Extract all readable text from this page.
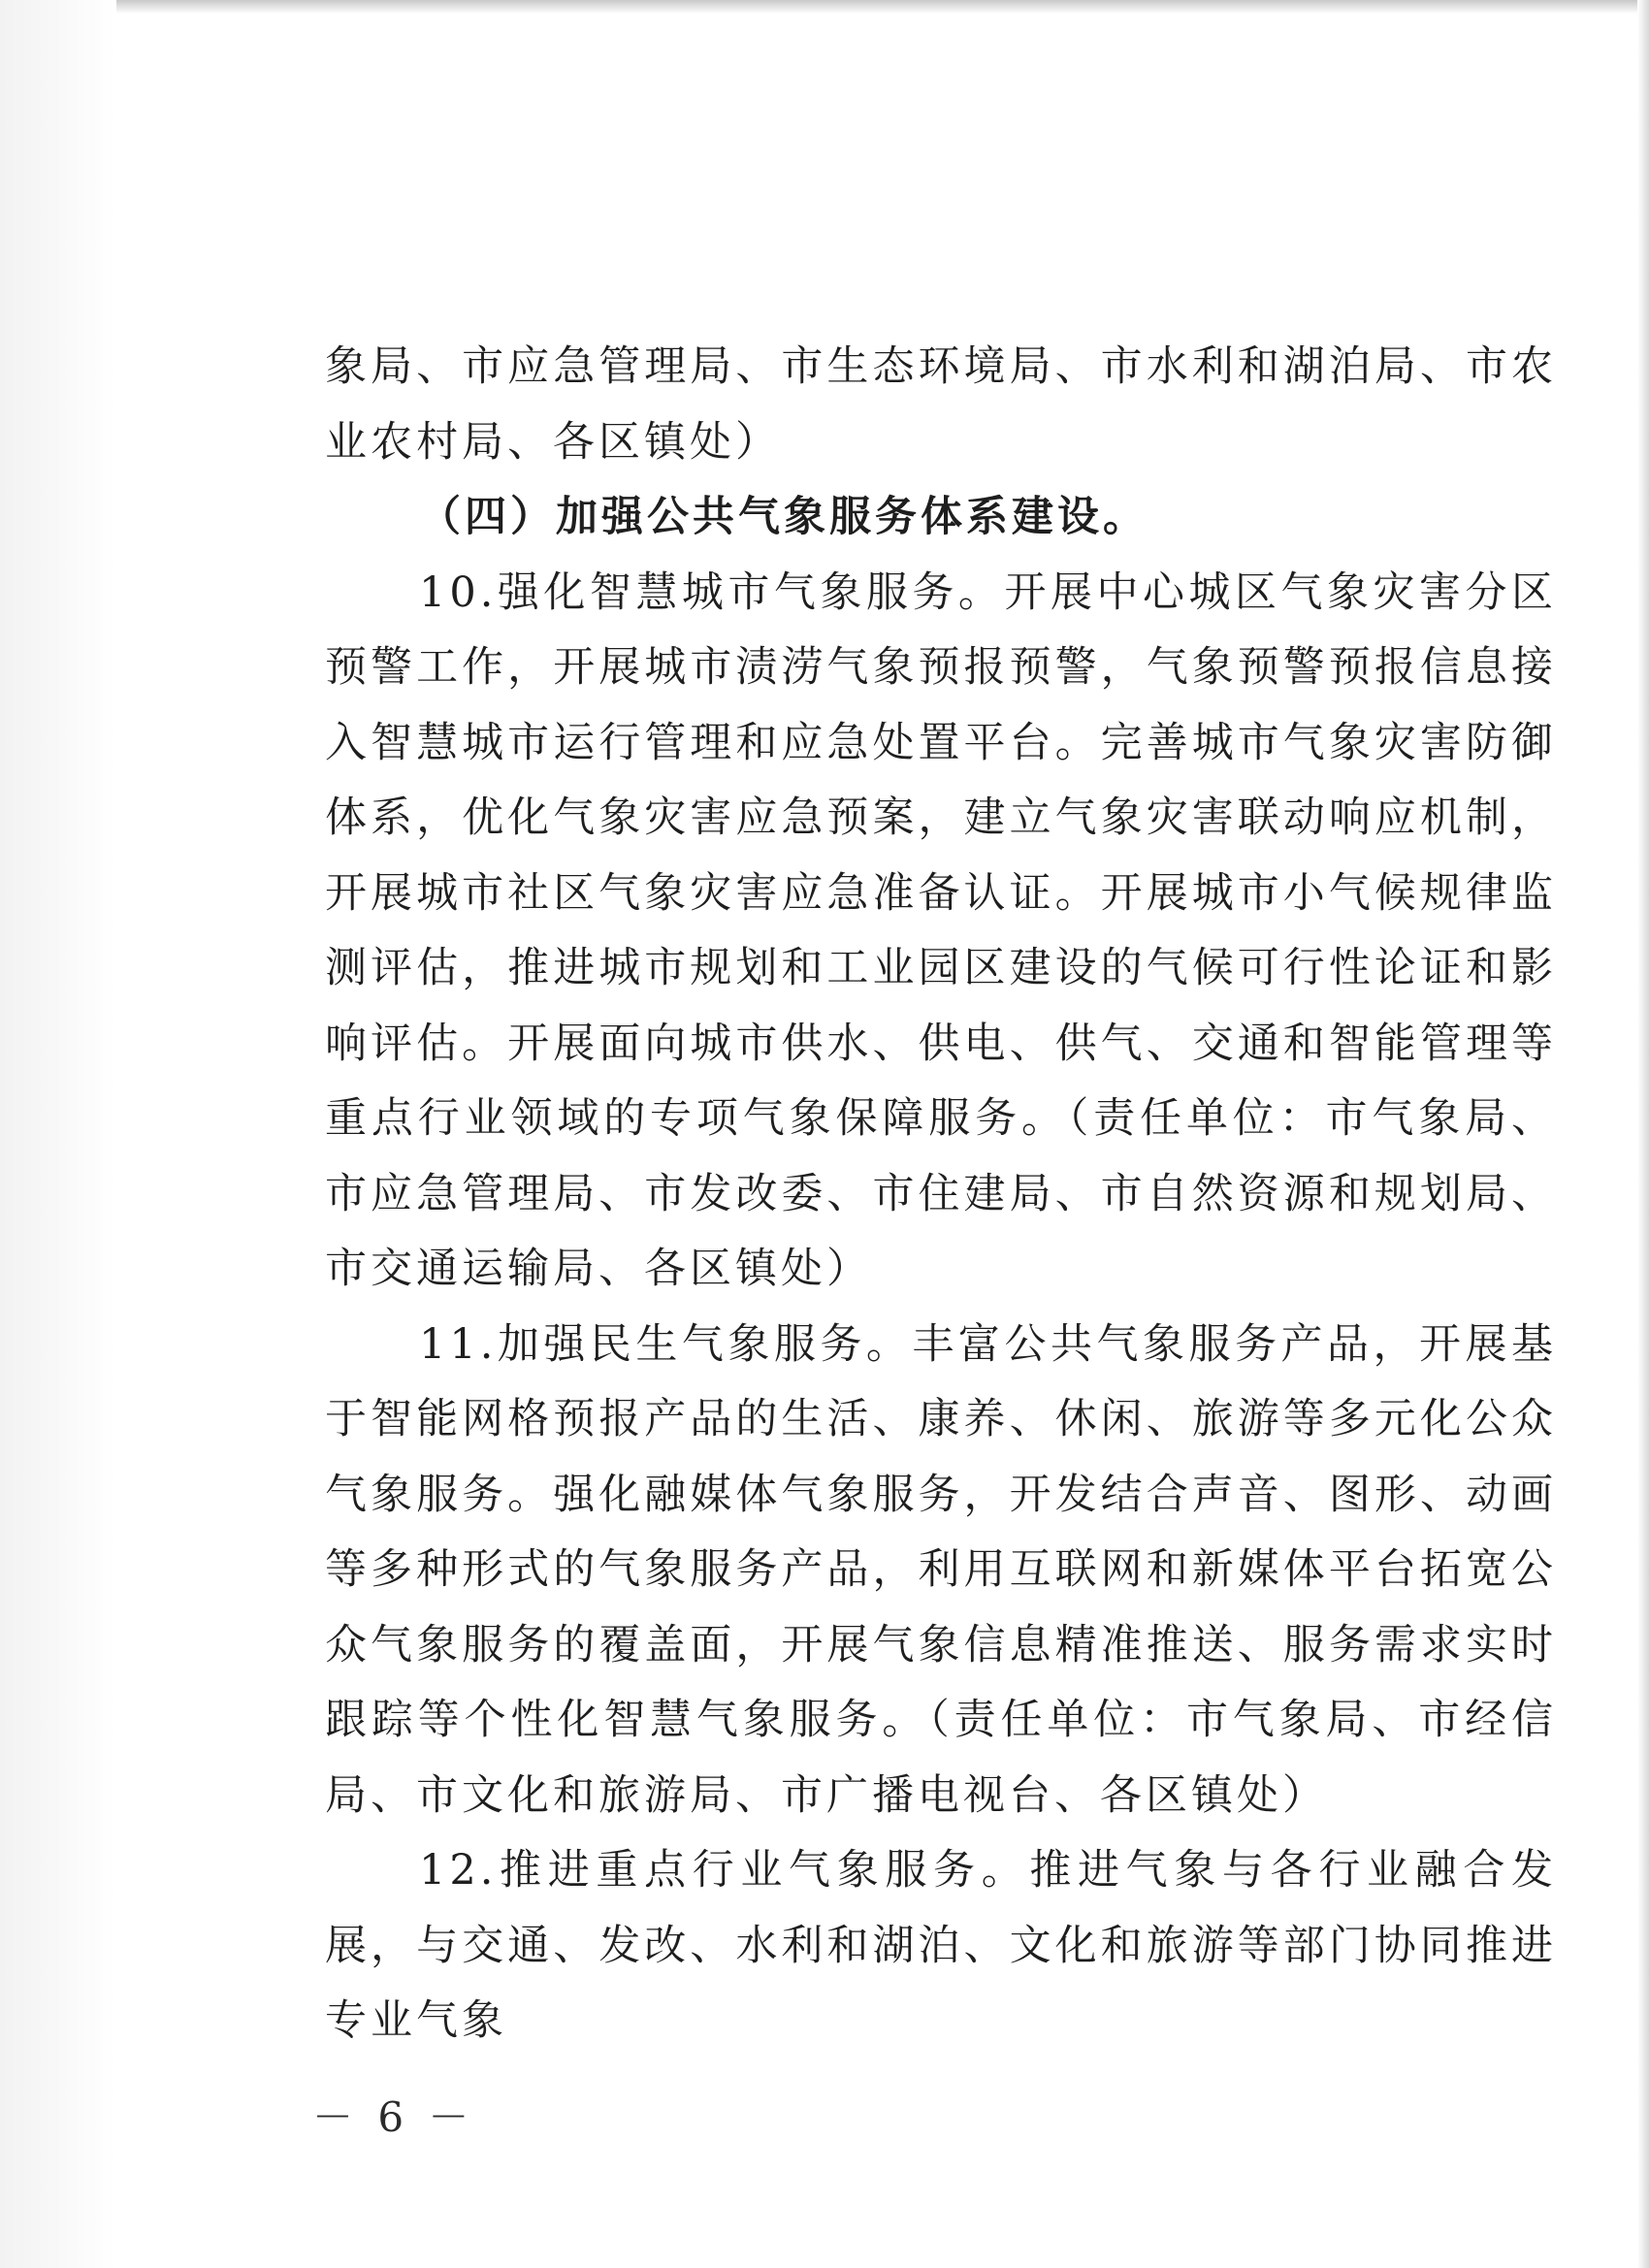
象局、市应急管理局、市生态环境局、市水利和湖泊局、市农业农村局、各区镇处）

（四）加强公共气象服务体系建设。

10.强化智慧城市气象服务。开展中心城区气象灾害分区预警工作，开展城市渍涝气象预报预警，气象预警预报信息接入智慧城市运行管理和应急处置平台。完善城市气象灾害防御体系，优化气象灾害应急预案，建立气象灾害联动响应机制，开展城市社区气象灾害应急准备认证。开展城市小气候规律监测评估，推进城市规划和工业园区建设的气候可行性论证和影响评估。开展面向城市供水、供电、供气、交通和智能管理等重点行业领域的专项气象保障服务。（责任单位：市气象局、市应急管理局、市发改委、市住建局、市自然资源和规划局、市交通运输局、各区镇处）

11.加强民生气象服务。丰富公共气象服务产品，开展基于智能网格预报产品的生活、康养、休闲、旅游等多元化公众气象服务。强化融媒体气象服务，开发结合声音、图形、动画等多种形式的气象服务产品，利用互联网和新媒体平台拓宽公众气象服务的覆盖面，开展气象信息精准推送、服务需求实时跟踪等个性化智慧气象服务。（责任单位：市气象局、市经信局、市文化和旅游局、市广播电视台、各区镇处）

12.推进重点行业气象服务。推进气象与各行业融合发展，与交通、发改、水利和湖泊、文化和旅游等部门协同推进专业气象

－ 6 －
